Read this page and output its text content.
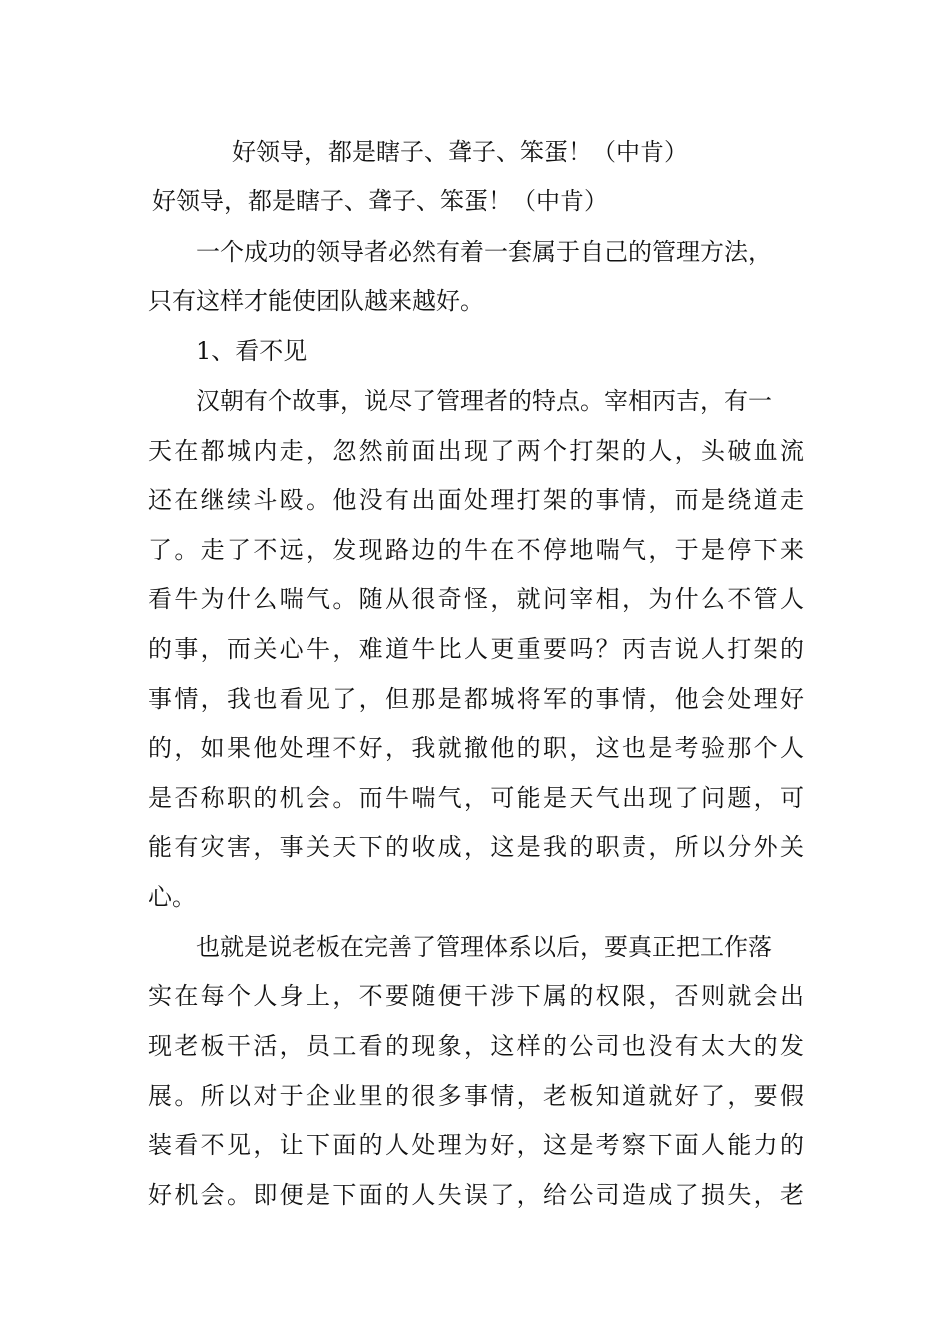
好领导，都是瞎子、聋子、笨蛋！（中肯）
好领导，都是瞎子、聋子、笨蛋！（中肯）
一个成功的领导者必然有着一套属于自己的管理方法，
只有这样才能使团队越来越好。
1、看不见
汉朝有个故事，说尽了管理者的特点。宰相丙吉，有一
天在都城内走，忽然前面出现了两个打架的人，头破血流
还在继续斗殴。他没有出面处理打架的事情，而是绕道走
了。走了不远，发现路边的牛在不停地喘气，于是停下来
看牛为什么喘气。随从很奇怪，就问宰相，为什么不管人
的事，而关心牛，难道牛比人更重要吗？丙吉说人打架的
事情，我也看见了，但那是都城将军的事情，他会处理好
的，如果他处理不好，我就撤他的职，这也是考验那个人
是否称职的机会。而牛喘气，可能是天气出现了问题，可
能有灾害，事关天下的收成，这是我的职责，所以分外关
心。
也就是说老板在完善了管理体系以后，要真正把工作落
实在每个人身上，不要随便干涉下属的权限，否则就会出
现老板干活，员工看的现象，这样的公司也没有太大的发
展。所以对于企业里的很多事情，老板知道就好了，要假
装看不见，让下面的人处理为好，这是考察下面人能力的
好机会。即便是下面的人失误了，给公司造成了损失，老
